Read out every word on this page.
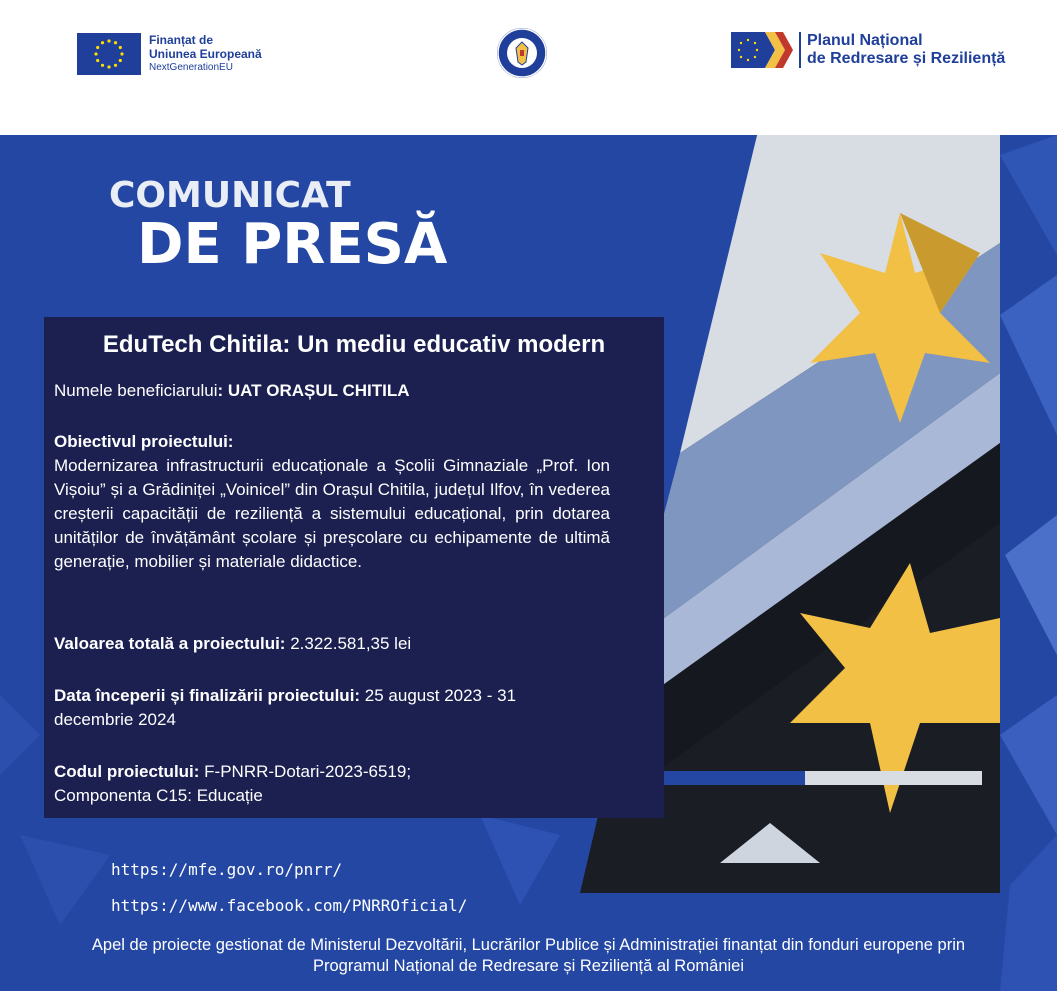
Finanțat de
Uniunea Europeană
NextGenerationEU
Planul Național
de Redresare și Reziliență
COMUNICAT
DE PRESĂ
EduTech Chitila: Un mediu educativ modern
Numele beneficiarului: UAT ORAȘUL CHITILA
Obiectivul proiectului:
Modernizarea infrastructurii educaționale a Școlii Gimnaziale „Prof. Ion Vișoiu” și a Grădiniței „Voinicel” din Orașul Chitila, județul Ilfov, în vederea creșterii capacității de reziliență a sistemului educațional, prin dotarea unităților de învățământ școlare și preșcolare cu echipamente de ultimă generație, mobilier și materiale didactice.
Valoarea totală a proiectului: 2.322.581,35 lei
Data începerii și finalizării proiectului: 25 august 2023 - 31 decembrie 2024
Codul proiectului: F-PNRR-Dotari-2023-6519;
Componenta C15: Educație
https://mfe.gov.ro/pnrr/
https://www.facebook.com/PNRROficial/
Apel de proiecte gestionat de Ministerul Dezvoltării, Lucrărilor Publice și Administrației finanțat din fonduri europene prin
Programul Național de Redresare și Reziliență al României
